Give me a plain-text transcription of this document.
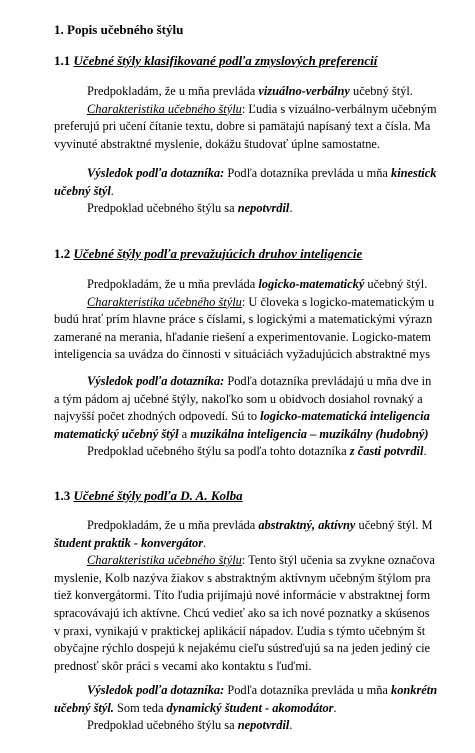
1. Popis učebného štýlu
1.1 Učebné štýly klasifikované podľa zmyslových preferencií
Predpokladám, že u mňa prevláda vizuálno-verbálny učebný štýl.
Charakteristika učebného štýlu: Ľudia s vizuálno-verbálnym učebným
preferujú pri učení čítanie textu, dobre si pamätajú napísaný text a čísla. Ma
vyvinuté abstraktné myslenie, dokážu študovať úplne samostatne.
Výsledok podľa dotazníka: Podľa dotazníka prevláda u mňa kinestick
učebný štýl.
Predpoklad učebného štýlu sa nepotvrdil.
1.2 Učebné štýly podľa prevažujúcich druhov inteligencie
Predpokladám, že u mňa prevláda logicko-matematický učebný štýl.
Charakteristika učebného štýlu: U človeka s logicko-matematickým u
budú hrať prím hlavne práce s číslami, s logickými a matematickými výrazn
zamerané na merania, hľadanie riešení a experimentovanie. Logicko-matem
inteligencia sa uvádza do činnosti v situáciách vyžadujúcich abstraktné mys
Výsledok podľa dotazníka: Podľa dotazníka prevládajú u mňa dve in
a tým pádom aj učebné štýly, nakoľko som u obidvoch dosiahol rovnaký a
najvyšší počet zhodných odpovedí. Sú to logicko-matematická inteligencia
matematický učebný štýl a muzikálna inteligencia – muzikálny (hudobný)
Predpoklad učebného štýlu sa podľa tohto dotazníka z časti potvrdil.
1.3 Učebné štýly podľa D. A. Kolba
Predpokladám, že u mňa prevláda abstraktný, aktívny učebný štýl. M
študent praktik - konvergátor.
Charakteristika učebného štýlu: Tento štýl učenia sa zvykne označova
myslenie, Kolb nazýva žiakov s abstraktným aktívnym učebným štýlom pra
tiež konvergátormi. Títo ľudia prijímajú nové informácie v abstraktnej form
spracovávajú ich aktívne. Chcú vedieť ako sa ich nové poznatky a skúsenos
v praxi, vynikajú v praktickej aplikácií nápadov. Ľudia s týmto učebným št
obyčajne rýchlo dospejú k nejakému cieľu sústreďujú sa na jeden jediný cie
prednosť skôr práci s vecami ako kontaktu s ľuďmi.
Výsledok podľa dotazníka: Podľa dotazníka prevláda u mňa konkrétn
učebný štýl. Som teda dynamický študent - akomodátor.
Predpoklad učebného štýlu sa nepotvrdil.
